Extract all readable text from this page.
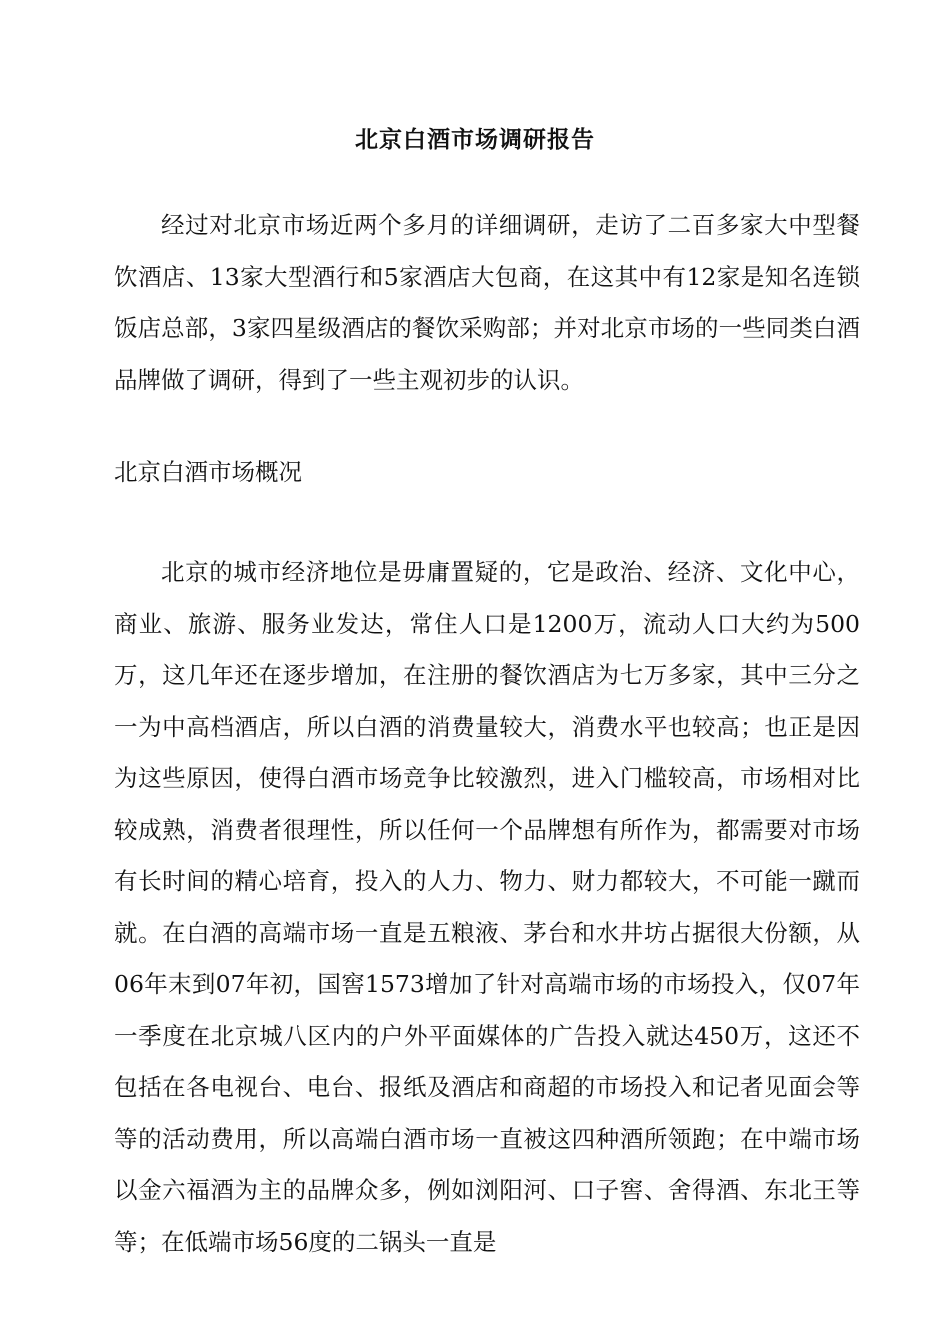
北京白酒市场调研报告

经过对北京市场近两个多月的详细调研，走访了二百多家大中型餐饮酒店、13家大型酒行和5家酒店大包商，在这其中有12家是知名连锁饭店总部，3家四星级酒店的餐饮采购部；并对北京市场的一些同类白酒品牌做了调研，得到了一些主观初步的认识。

北京白酒市场概况

北京的城市经济地位是毋庸置疑的，它是政治、经济、文化中心，商业、旅游、服务业发达，常住人口是1200万，流动人口大约为500万，这几年还在逐步增加，在注册的餐饮酒店为七万多家，其中三分之一为中高档酒店，所以白酒的消费量较大，消费水平也较高；也正是因为这些原因，使得白酒市场竞争比较激烈，进入门槛较高，市场相对比较成熟，消费者很理性，所以任何一个品牌想有所作为，都需要对市场有长时间的精心培育，投入的人力、物力、财力都较大，不可能一蹴而就。在白酒的高端市场一直是五粮液、茅台和水井坊占据很大份额，从06年末到07年初，国窖1573增加了针对高端市场的市场投入，仅07年一季度在北京城八区内的户外平面媒体的广告投入就达450万，这还不包括在各电视台、电台、报纸及酒店和商超的市场投入和记者见面会等等的活动费用，所以高端白酒市场一直被这四种酒所领跑；在中端市场以金六福酒为主的品牌众多，例如浏阳河、口子窖、舍得酒、东北王等等；在低端市场56度的二锅头一直是
